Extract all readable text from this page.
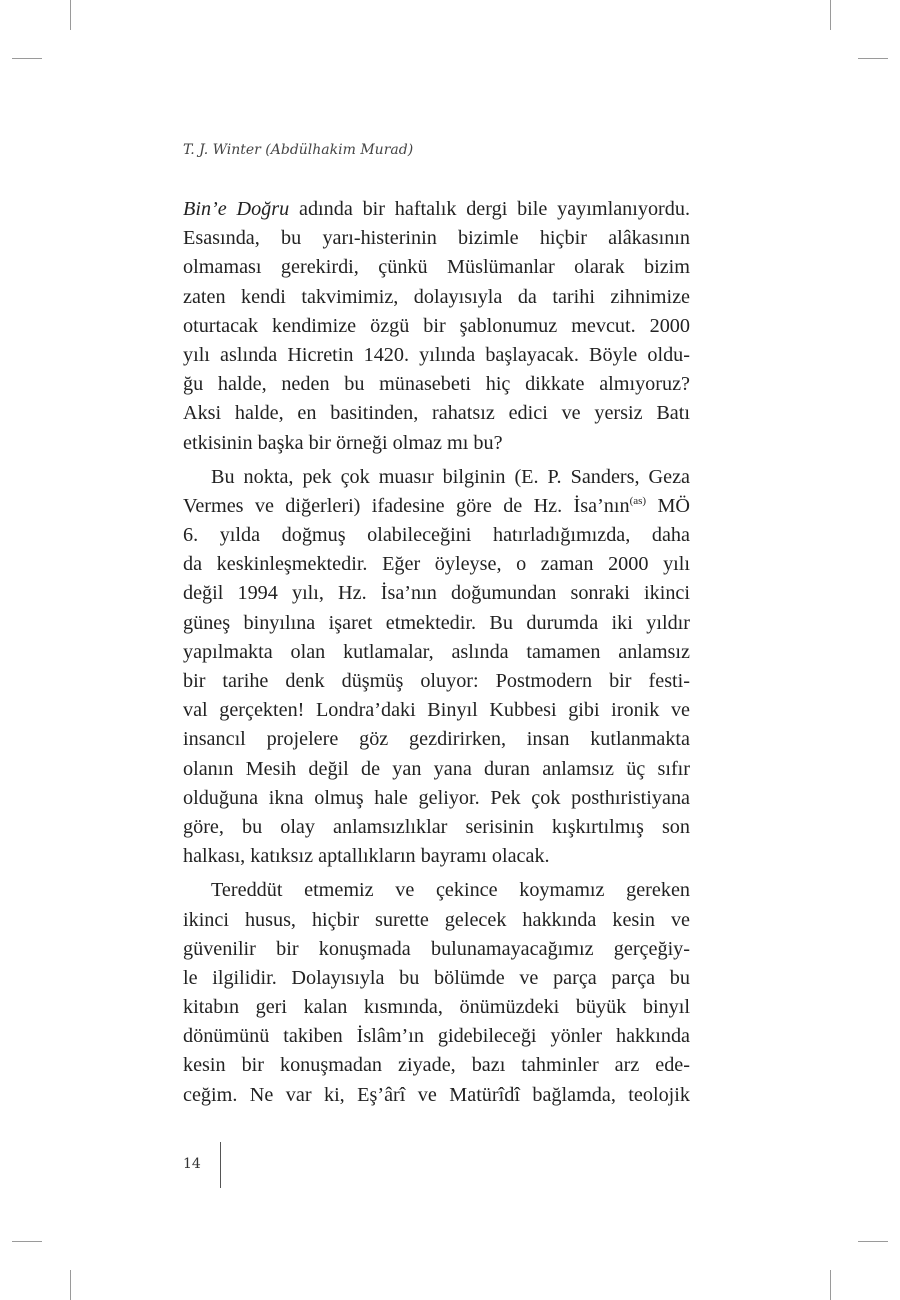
T. J. Winter (Abdülhakim Murad)
Bin’e Doğru adında bir haftalık dergi bile yayımlanıyordu.
Esasında, bu yarı-histerinin bizimle hiçbir alâkasının
olmaması gerekirdi, çünkü Müslümanlar olarak bizim
zaten kendi takvimimiz, dolayısıyla da tarihi zihnimize
oturtacak kendimize özgü bir şablonumuz mevcut. 2000
yılı aslında Hicretin 1420. yılında başlayacak. Böyle oldu-
ğu halde, neden bu münasebeti hiç dikkate almıyoruz?
Aksi halde, en basitinden, rahatsız edici ve yersiz Batı
etkisinin başka bir örneği olmaz mı bu?
Bu nokta, pek çok muasır bilginin (E. P. Sanders, Geza
Vermes ve diğerleri) ifadesine göre de Hz. İsa’nın$^{(as)}$ MÖ
6. yılda doğmuş olabileceğini hatırladığımızda, daha
da keskinleşmektedir. Eğer öyleyse, o zaman 2000 yılı
değil 1994 yılı, Hz. İsa’nın doğumundan sonraki ikinci
güneş binyılına işaret etmektedir. Bu durumda iki yıldır
yapılmakta olan kutlamalar, aslında tamamen anlamsız
bir tarihe denk düşmüş oluyor: Postmodern bir festi-
val gerçekten! Londra’daki Binyıl Kubbesi gibi ironik ve
insancıl projelere göz gezdirirken, insan kutlanmakta
olanın Mesih değil de yan yana duran anlamsız üç sıfır
olduğuna ikna olmuş hale geliyor. Pek çok posthıristiyana
göre, bu olay anlamsızlıklar serisinin kışkırtılmış son
halkası, katıksız aptallıkların bayramı olacak.
Tereddüt etmemiz ve çekince koymamız gereken
ikinci husus, hiçbir surette gelecek hakkında kesin ve
güvenilir bir konuşmada bulunamayacağımız gerçeğiy-
le ilgilidir. Dolayısıyla bu bölümde ve parça parça bu
kitabın geri kalan kısmında, önümüzdeki büyük binyıl
dönümünü takiben İslâm’ın gidebileceği yönler hakkında
kesin bir konuşmadan ziyade, bazı tahminler arz ede-
ceğim. Ne var ki, Eş’ârî ve Matürîdî bağlamda, teolojik
14
